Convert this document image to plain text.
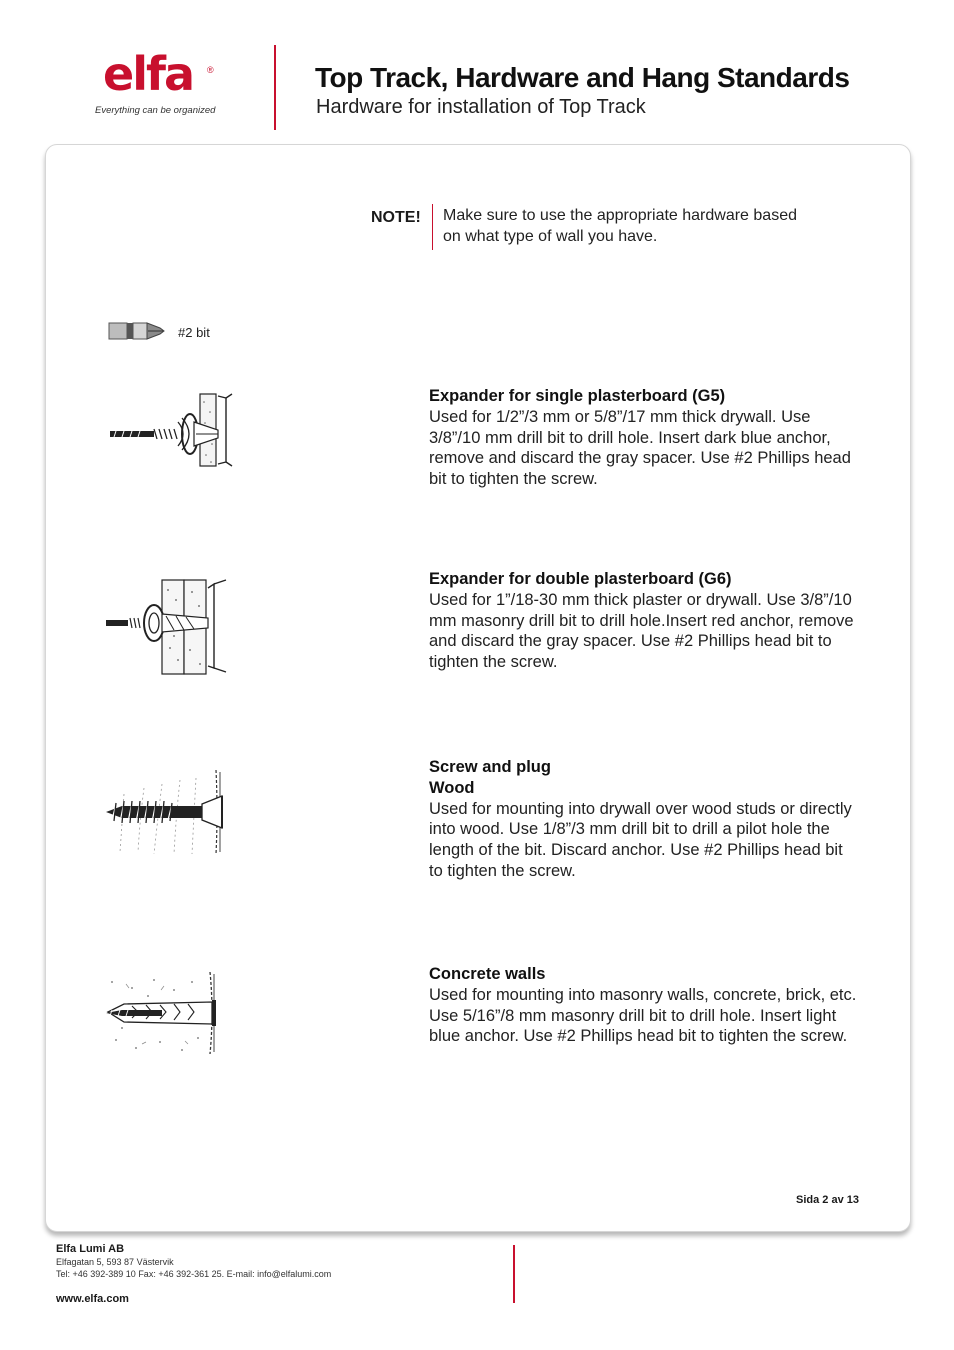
elfa ®
Everything can be organized
Top Track, Hardware and Hang Standards
Hardware for installation of Top Track
NOTE! Make sure to use the appropriate hardware based on what type of wall you have.
#2 bit
Expander for single plasterboard (G5)
Used for 1/2”/3 mm or 5/8”/17 mm thick drywall. Use 3/8”/10 mm drill bit to drill hole. Insert dark blue anchor, remove and discard the gray spacer. Use #2 Phillips head bit to tighten the screw.
Expander for double plasterboard (G6)
Used for 1”/18-30 mm thick plaster or drywall. Use 3/8”/10 mm masonry drill bit to drill hole.Insert red anchor, remove and discard the gray spacer. Use #2 Phillips head bit to tighten the screw.
Screw and plug
Wood
Used for mounting into drywall over wood studs or directly into wood. Use 1/8”/3 mm drill bit to drill a pilot hole the length of the bit. Discard anchor. Use #2 Phillips head bit to tighten the screw.
Concrete walls
Used for mounting into masonry walls, concrete, brick, etc. Use 5/16”/8 mm masonry drill bit to drill hole. Insert light blue anchor. Use #2 Phillips head bit to tighten the screw.
Sida 2 av 13
Elfa Lumi AB
Elfagatan 5, 593 87 Västervik
Tel: +46 392-389 10 Fax: +46 392-361 25. E-mail: info@elfalumi.com
www.elfa.com
